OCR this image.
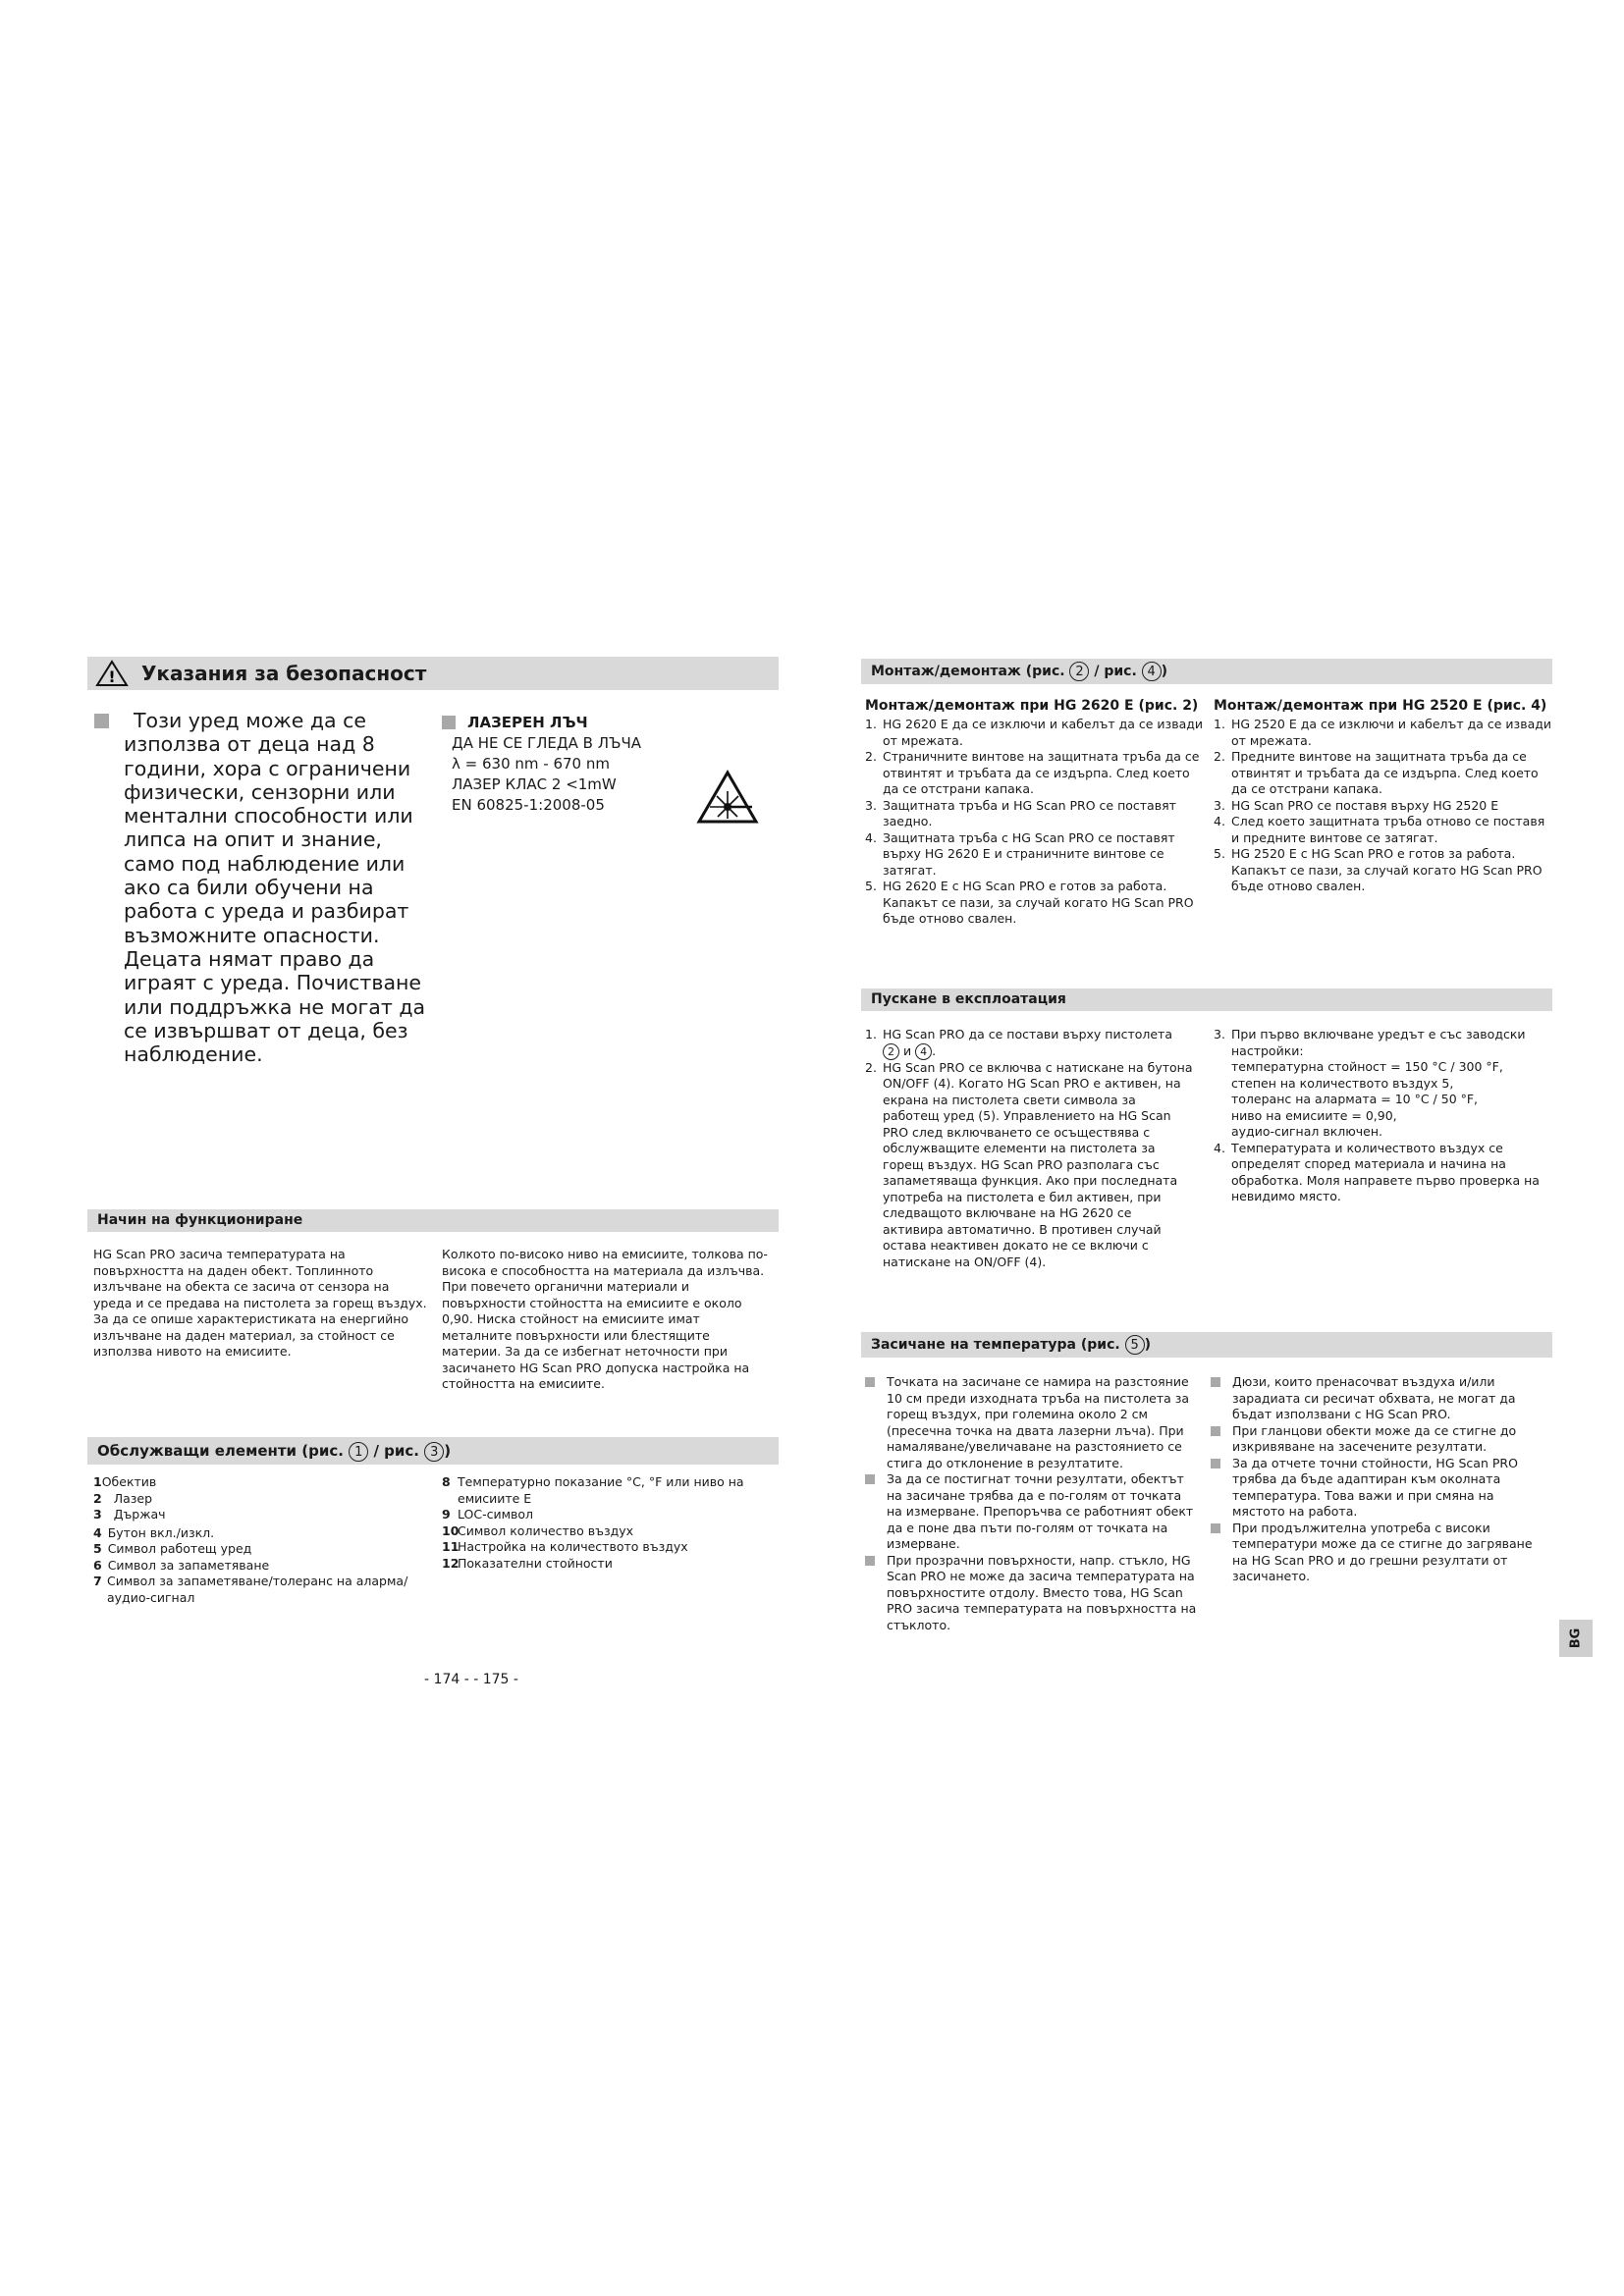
! Указания за безопасност
Този уред може да се използва от деца над 8 години, хора с ограничени физически, сензорни или ментални способности или липса на опит и знание, само под наблюдение или ако са били обучени на работа с уреда и разбират възможните опасности. Децата нямат право да играят с уреда. Почистване или поддръжка не могат да се извършват от деца, без наблюдение.
ЛАЗЕРЕН ЛЪЧ
ДА НЕ СЕ ГЛЕДА В ЛЪЧА
λ = 630 nm - 670 nm
ЛАЗЕР КЛАС 2 <1mW
EN 60825-1:2008-05
Начин на функциониране
HG Scan PRO засича температурата на повърхността на даден обект. Топлинното излъчване на обекта се засича от сензора на уреда и се предава на пистолета за горещ въздух. За да се опише характеристиката на енергийно излъчване на даден материал, за стойност се използва нивото на емисиите.
Колкото по-високо ниво на емисиите, толкова по-висока е способността на материала да излъчва. При повечето органични материали и повърхности стойността на емисиите е около 0,90. Ниска стойност на емисиите имат металните повърхности или блестящите материи. За да се избегнат неточности при засичането HG Scan PRO допуска настройка на стойността на емисиите.
Обслужващи елементи (рис. 1 / рис. 3 )
1Обектив
2 Лазер
3 Държач
4 Бутон вкл./изкл.
5 Символ работещ уред
6 Символ за запаметяване
7 Символ за запаметяване/толеранс на алармa/аудио-сигнал
8 Температурно показание °C, °F или ниво на емисиите E
9 LOC-символ
10
Символ количество въздух
11
Настройка на количеството въздух
12
Показателни стойности
- 174 - - 175 -
Монтаж/демонтаж (рис. 2 / рис. 4 )
Монтаж/демонтаж при HG 2620 E (рис. 2)
1. HG 2620 E да се изключи и кабелът да се извади от мрежата.
2. Страничните винтове на защитната тръба да се отвинтят и тръбата да се издърпа. След което да се отстрани капака.
3. Защитната тръба и HG Scan PRO се поставят заедно.
4. Защитната тръба с HG Scan PRO се поставят върху HG 2620 E и страничните винтове се затягат.
5. HG 2620 E с HG Scan PRO е готов за работа. Капакът се пази, за случай когато HG Scan PRO бъде отново свален.
Монтаж/демонтаж при HG 2520 E (рис. 4)
1. HG 2520 E да се изключи и кабелът да се извади от мрежата.
2. Предните винтове на защитната тръба да се отвинтят и тръбата да се издърпа. След което да се отстрани капака.
3. HG Scan PRO се поставя върху HG 2520 E
4. След което защитната тръба отново се поставя и предните винтове се затягат.
5. HG 2520 E с HG Scan PRO е готов за работа. Капакът се пази, за случай когато HG Scan PRO бъде отново свален.
Пускане в експлоатация
1. HG Scan PRO да се постави върху пистолета
2 и 4 .
2. HG Scan PRO се включва с натискане на бутона ON/OFF (4). Когато HG Scan PRO е активен, на екрана на пистолета свети символа за работещ уред (5). Управлението на HG Scan PRO след включването се осъществява с обслужващите елементи на пистолета за горещ въздух. HG Scan PRO разполага със запаметяваща функция. Ако при последната употреба на пистолета е бил активен, при следващото включване на HG 2620 се активира автоматично. В противен случай остава неактивен докато не се включи с натискане на ON/OFF (4).
3. При първо включване уредът е със заводски настройки:
температурна стойност = 150 °C / 300 °F,
степен на количеството въздух 5,
толеранс на алармата = 10 °C / 50 °F,
ниво на емисиите = 0,90,
аудио-сигнал включен.
4. Температурата и количеството въздух се определят според материала и начина на обработка. Моля направете първо проверка на невидимо място.
Засичане на температура (рис. 5 )
Точката на засичане се намира на разстояние 10 см преди изходната тръба на пистолета за горещ въздух, при големина около 2 см (пресечна точка на двата лазерни лъча). При намаляване/увеличаване на разстоянието се стига до отклонение в резултатите.
За да се постигнат точни резултати, обектът на засичане трябва да е по-голям от точката на измерване. Препоръчва се работният обект да е поне два пъти по-голям от точката на измерване.
При прозрачни повърхности, напр. стъкло, HG Scan PRO не може да засича температурата на повърхностите отдолу. Вместо това, HG Scan PRO засича температурата на повърхността на стъклото.
Дюзи, които пренасочват въздуха и/или зарадиата си ресичат обхвата, не могат да бъдат използвани с HG Scan PRO.
При гланцови обекти може да се стигне до изкривяване на засечените резултати.
За да отчете точни стойности, HG Scan PRO трябва да бъде адаптиран към околната температура. Това важи и при смяна на мястото на работа.
При продължителна употреба с високи температури може да се стигне до загряване на HG Scan PRO и до грешни резултати от засичането.
BG
